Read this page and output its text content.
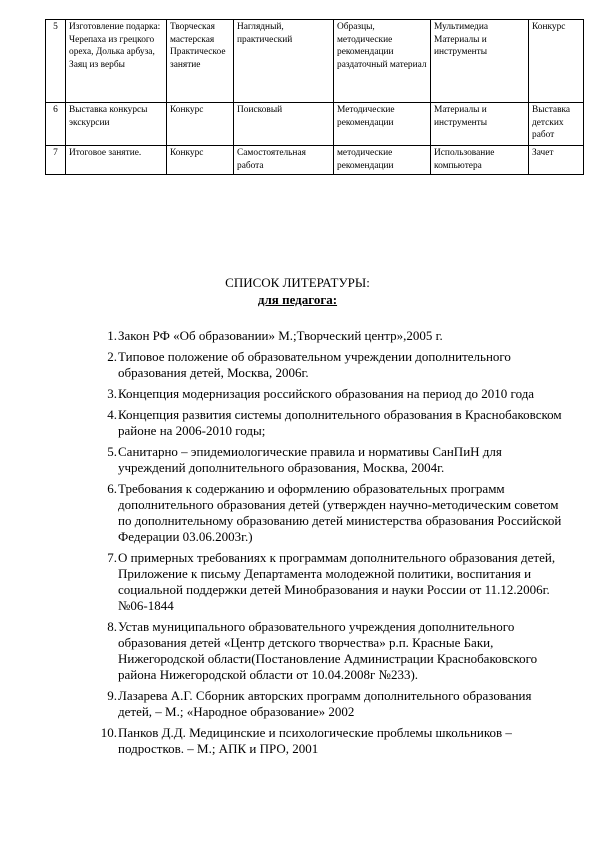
5	Изготовление подарка: Черепаха из грецкого ореха, Долька арбуза, Заяц из вербы	Творческая мастерская Практическое занятие	Наглядный, практический	Образцы, методические рекомендации раздаточный материал	Мультимедиа Материалы и инструменты	Конкурс
6	Выставка конкурсы экскурсии	Конкурс	Поисковый	Методические рекомендации	Материалы и инструменты	Выставка детских работ

7	Итоговое занятие.	Конкурс	Самостоятельная работа	методические рекомендации	Использование компьютера	Зачет
СПИСОК ЛИТЕРАТУРЫ:
для педагога:
1. Закон РФ «Об образовании» М.;Творческий центр»,2005 г.
2. Типовое положение об образовательном учреждении дополнительного образования детей, Москва, 2006г.
3. Концепция модернизация российского образования на период до 2010 года
4. Концепция развития системы дополнительного образования в Краснобаковском районе на 2006-2010 годы;
5. Санитарно – эпидемиологические правила и нормативы СанПиН для учреждений дополнительного образования, Москва, 2004г.
6. Требования к содержанию и оформлению образовательных программ дополнительного образования детей (утвержден научно-методическим советом по дополнительному образованию детей министерства образования Российской Федерации 03.06.2003г.)
7. О примерных требованиях к программам дополнительного образования детей, Приложение к письму Департамента молодежной политики, воспитания и социальной поддержки детей Минобразования и науки России от 11.12.2006г. №06-1844
8. Устав муниципального образовательного учреждения дополнительного образования детей «Центр детского творчества» р.п. Красные Баки, Нижегородской области(Постановление Администрации Краснобаковского района Нижегородской области от 10.04.2008г №233).
9. Лазарева А.Г. Сборник авторских программ дополнительного образования детей, – М.; «Народное образование» 2002
10. Панков Д.Д. Медицинские и психологические проблемы школьников – подростков. – М.; АПК и ПРО, 2001
